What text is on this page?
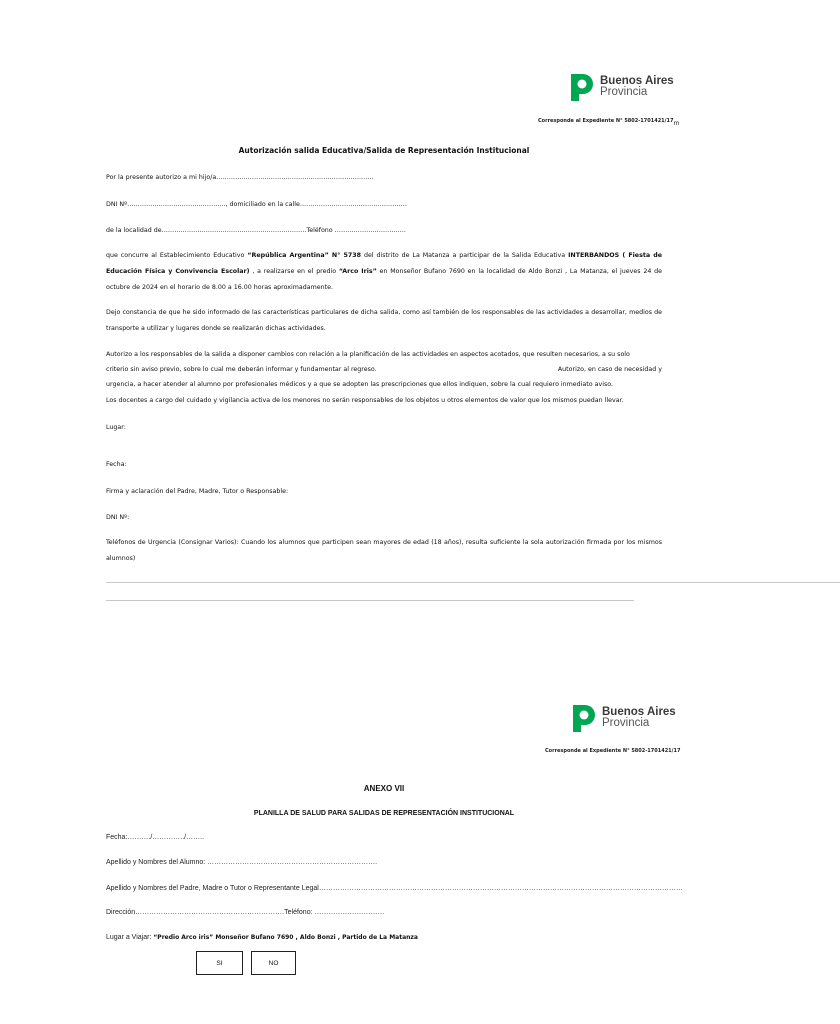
Buenos Aires
Provincia
Corresponde al Expediente N° $5802-1701421/17_m$
Autorización salida Educativa/Salida de Representación Institucional
Por la presente autorizo a mi hijo/a…………………………………………………………………
DNI Nº……………………………………….., domiciliado en la calle……………………………………………
de la localidad de……………………………………………………………Teléfono …………………………….

que concurre al Establecimiento Educativo “República Argentina” N° 5738 del distrito de La Matanza a participar de la Salida Educativa INTERBANDOS ( Fiesta de Educación Física y Convivencia Escolar) , a realizarse en el predio “Arco Iris” en Monseñor Bufano 7690 en la localidad de Aldo Bonzi , La Matanza, el jueves 24 de octubre de 2024 en el horario de 8.00 a 16.00 horas aproximadamente.

Dejo constancia de que he sido informado de las características particulares de dicha salida, como así también de los responsables de las actividades a desarrollar, medios de transporte a utilizar y lugares donde se realizarán dichas actividades.

Autorizo a los responsables de la salida a disponer cambios con relación a la planificación de las actividades en aspectos acotados, que resulten necesarios, a su solo
criterio sin aviso previo, sobre lo cual me deberán informar y fundamentar al regreso.	Autorizo, en caso de necesidad y
urgencia, a hacer atender al alumno por profesionales médicos y a que se adopten las prescripciones que ellos indiquen, sobre la cual requiero inmediato aviso.
Los docentes a cargo del cuidado y vigilancia activa de los menores no serán responsables de los objetos u otros elementos de valor que los mismos puedan llevar.
Lugar:
Fecha:
Firma y aclaración del Padre, Madre, Tutor o Responsable:
DNI Nº:

Teléfonos de Urgencia (Consignar Varios): Cuando los alumnos que participen sean mayores de edad (18 años), resulta suficiente la sola autorización firmada por los mismos alumnos)

…………………………………………………………………………………………………………………………………………………………………………………………………………………………………………………………………………………………………………………………………….
…………………………………………………………………………………………………………………………………………………………………………………………………………………………………………
Buenos Aires
Provincia
Corresponde al Expediente N° 5802-1701421/17
ANEXO VII
PLANILLA DE SALUD PARA SALIDAS DE REPRESENTACIÓN INSTITUCIONAL
Fecha:………./…………../……..
Apellido y Nombres del Alumno: ……………………………………………………………….
Apellido y Nombres del Padre, Madre o Tutor o Representante Legal…………………………………………………………………………………………………………………………………………
Dirección……………………………………………………….Teléfono: …………………………
Lugar a Viajar: “Predio Arco iris” Monseñor Bufano 7690 , Aldo Bonzi , Partido de La Matanza
SI	NO
